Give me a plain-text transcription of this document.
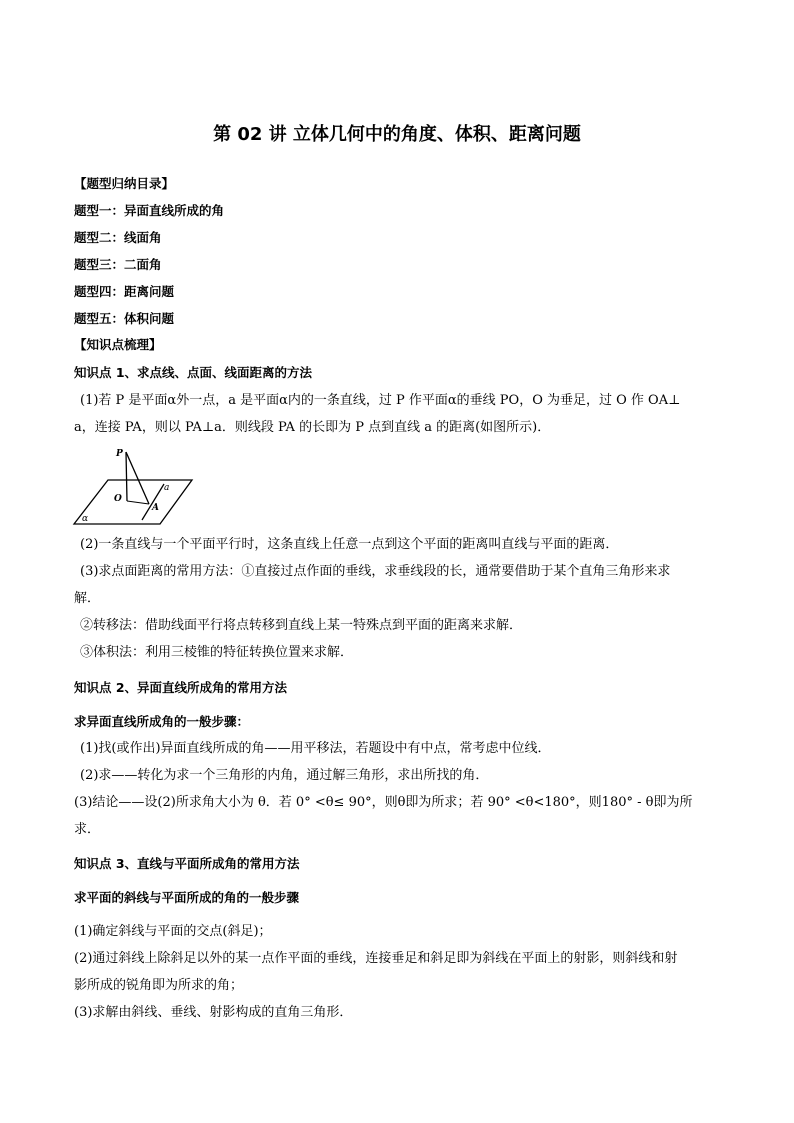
第 02 讲 立体几何中的角度、体积、距离问题
【题型归纳目录】
题型一：异面直线所成的角
题型二：线面角
题型三：二面角
题型四：距离问题
题型五：体积问题
【知识点梳理】
知识点 1、求点线、点面、线面距离的方法
(1)若 P 是平面α外一点，a 是平面α内的一条直线，过 P 作平面α的垂线 PO，O 为垂足，过 O 作 OA⊥
a，连接 PA，则以 PA⊥a．则线段 PA 的长即为 P 点到直线 a 的距离(如图所示)．
P
O
A
a
α
(2)一条直线与一个平面平行时，这条直线上任意一点到这个平面的距离叫直线与平面的距离．
(3)求点面距离的常用方法：①直接过点作面的垂线，求垂线段的长，通常要借助于某个直角三角形来求
解．
②转移法：借助线面平行将点转移到直线上某一特殊点到平面的距离来求解．
③体积法：利用三棱锥的特征转换位置来求解．
知识点 2、异面直线所成角的常用方法
求异面直线所成角的一般步骤：
(1)找(或作出)异面直线所成的角——用平移法，若题设中有中点，常考虑中位线．
(2)求——转化为求一个三角形的内角，通过解三角形，求出所找的角．
(3)结论——设(2)所求角大小为 θ．若 0° <θ≤ 90°，则θ即为所求；若 90° <θ<180°，则180° - θ即为所
求．
知识点 3、直线与平面所成角的常用方法
求平面的斜线与平面所成的角的一般步骤
(1)确定斜线与平面的交点(斜足)；
(2)通过斜线上除斜足以外的某一点作平面的垂线，连接垂足和斜足即为斜线在平面上的射影，则斜线和射
影所成的锐角即为所求的角；
(3)求解由斜线、垂线、射影构成的直角三角形．
